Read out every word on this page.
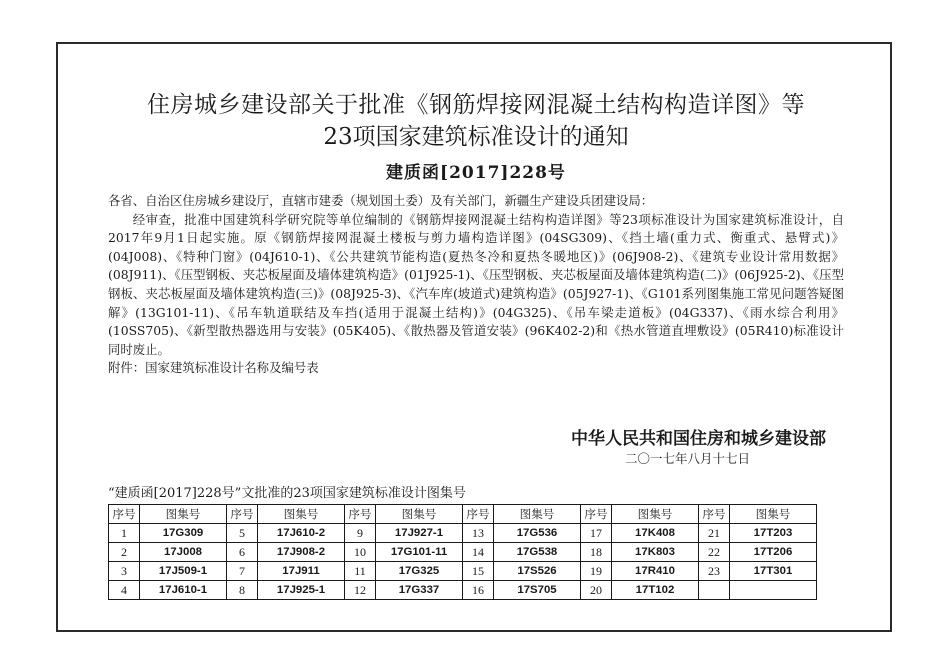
住房城乡建设部关于批准《钢筋焊接网混凝土结构构造详图》等
23项国家建筑标准设计的通知
建质函[2017]228号

各省、自治区住房城乡建设厅，直辖市建委（规划国土委）及有关部门，新疆生产建设兵团建设局：

经审查，批准中国建筑科学研究院等单位编制的《钢筋焊接网混凝土结构构造详图》等23项标准设计为国家建筑标准设计，自2017年9月1日起实施。原《钢筋焊接网混凝土楼板与剪力墙构造详图》(04SG309)、《挡土墙(重力式、衡重式、悬臂式)》(04J008)、《特种门窗》(04J610-1)、《公共建筑节能构造(夏热冬冷和夏热冬暖地区)》(06J908-2)、《建筑专业设计常用数据》(08J911)、《压型钢板、夹芯板屋面及墙体建筑构造》(01J925-1)、《压型钢板、夹芯板屋面及墙体建筑构造(二)》(06J925-2)、《压型钢板、夹芯板屋面及墙体建筑构造(三)》(08J925-3)、《汽车库(坡道式)建筑构造》(05J927-1)、《G101系列图集施工常见问题答疑图解》(13G101-11)、《吊车轨道联结及车挡(适用于混凝土结构)》(04G325)、《吊车梁走道板》(04G337)、《雨水综合利用》(10SS705)、《新型散热器选用与安装》(05K405)、《散热器及管道安装》(96K402-2)和《热水管道直埋敷设》(05R410)标准设计同时废止。

附件：国家建筑标准设计名称及编号表

中华人民共和国住房和城乡建设部
二〇一七年八月十七日
“建质函[2017]228号”文批准的23项国家建筑标准设计图集号
序号	图集号	序号	图集号	序号	图集号	序号	图集号	序号	图集号	序号	图集号
1	17G309	5	17J610-2	9	17J927-1	13	17G536	17	17K408	21	17T203
2	17J008	6	17J908-2	10	17G101-11	14	17G538	18	17K803	22	17T206
3	17J509-1	7	17J911	11	17G325	15	17S526	19	17R410	23	17T301
4	17J610-1	8	17J925-1	12	17G337	16	17S705	20	17T102		
